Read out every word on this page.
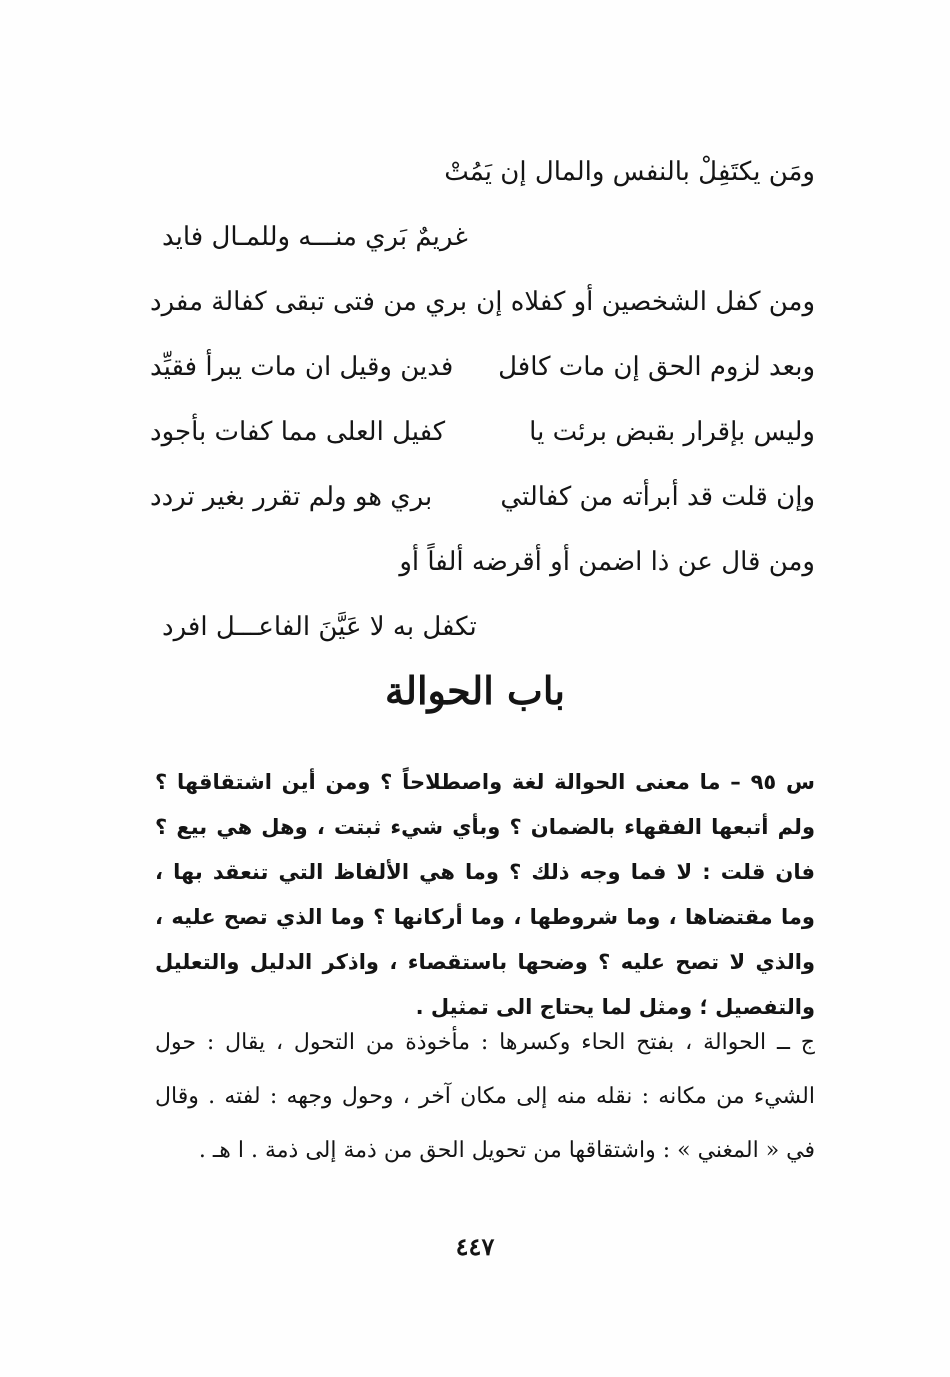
ومَن يكتَفِلْ بالنفس والمال إن يَمُتْ
غريمٌ بَري منـــه وللمـال فايد
ومن كفل الشخصين أو كفلاه إن
بري من فتى تبقى كفالة مفرد
وبعد لزوم الحق إن مات كافل
فدين وقيل ان مات يبرأ فقيِّد
وليس بإقرار بقبض برئت يا
كفيل العلى مما كفات بأجود
وإن قلت قد أبرأته من كفالتي
بري هو ولم تقرر بغير تردد
ومن قال عن ذا اضمن أو أقرضه ألفاً أو
تكفل به لا عَيَّنَ الفاعـــل افرد
باب الحوالة
س ٩٥ – ما معنى الحوالة لغة واصطلاحاً ؟ ومن أين اشتقاقها ؟ ولم أتبعها الفقهاء بالضمان ؟ وبأي شيء ثبتت ، وهل هي بيع ؟ فان قلت : لا فما وجه ذلك ؟ وما هي الألفاظ التي تنعقد بها ، وما مقتضاها ، وما شروطها ، وما أركانها ؟ وما الذي تصح عليه ، والذي لا تصح عليه ؟ وضحها باستقصاء ، واذكر الدليل والتعليل والتفصيل ؛ ومثل لما يحتاج الى تمثيل .
ج ــ الحوالة ، بفتح الحاء وكسرها : مأخوذة من التحول ، يقال : حول الشيء من مكانه : نقله منه إلى مكان آخر ، وحول وجهه : لفته . وقال في « المغني » : واشتقاقها من تحويل الحق من ذمة إلى ذمة . ا هـ .
٤٤٧
